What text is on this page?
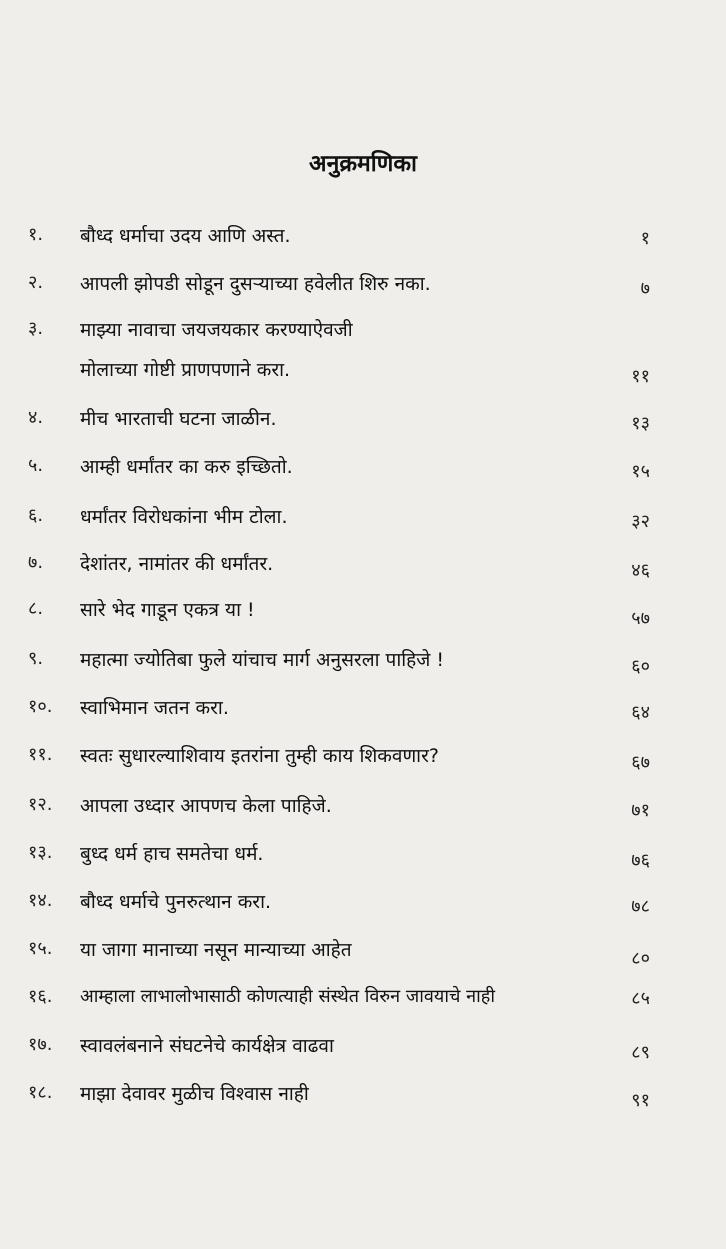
अनुक्रमणिका
१. बौध्द धर्माचा उदय आणि अस्त.	१
२. आपली झोपडी सोडून दुसऱ्याच्या हवेलीत शिरु नका.	७
३. माझ्या नावाचा जयजयकार करण्याऐवजी
मोलाच्या गोष्टी प्राणपणाने करा.	११
४. मीच भारताची घटना जाळीन.	१३
५. आम्ही धर्मांतर का करु इच्छितो.	१५
६. धर्मांतर विरोधकांना भीम टोला.	३२
७. देशांतर, नामांतर की धर्मांतर.	४६
८. सारे भेद गाडून एकत्र या !	५७
९. महात्मा ज्योतिबा फुले यांचाच मार्ग अनुसरला पाहिजे !	६०
१०. स्वाभिमान जतन करा.	६४
११. स्वतः सुधारल्याशिवाय इतरांना तुम्ही काय शिकवणार?	६७
१२. आपला उध्दार आपणच केला पाहिजे.	७१
१३. बुध्द धर्म हाच समतेचा धर्म.	७६
१४. बौध्द धर्माचे पुनरुत्थान करा.	७८
१५. या जागा मानाच्या नसून मान्याच्या आहेत	८०
१६. आम्हाला लाभालोभासाठी कोणत्याही संस्थेत विरुन जावयाचे नाही	८५
१७. स्वावलंबनाने संघटनेचे कार्यक्षेत्र वाढवा	८९
१८. माझा देवावर मुळीच विश्वास नाही	९१
